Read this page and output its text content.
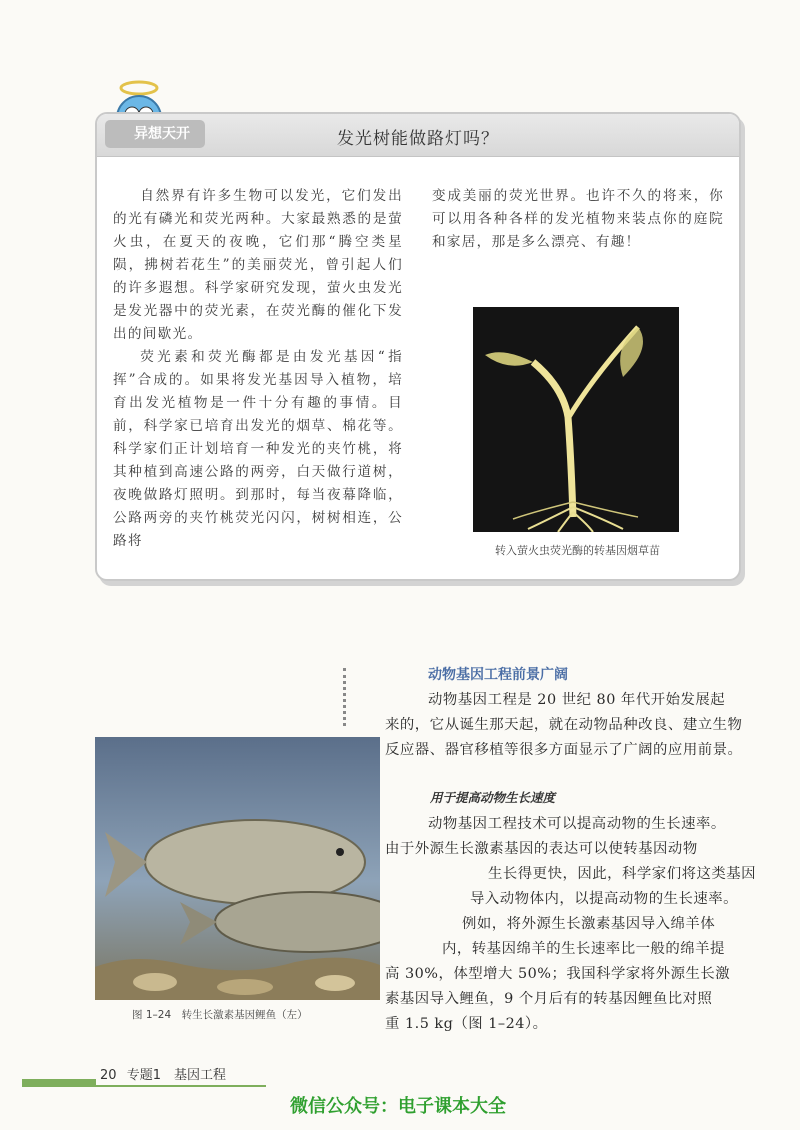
异想天开	发光树能做路灯吗？

自然界有许多生物可以发光，它们发出的光有磷光和荧光两种。大家最熟悉的是萤火虫，在夏天的夜晚，它们那“腾空类星陨，拂树若花生”的美丽荧光，曾引起人们的许多遐想。科学家研究发现，萤火虫发光是发光器中的荧光素，在荧光酶的催化下发出的间歇光。

荧光素和荧光酶都是由发光基因“指挥”合成的。如果将发光基因导入植物，培育出发光植物是一件十分有趣的事情。目前，科学家已培育出发光的烟草、棉花等。科学家们正计划培育一种发光的夹竹桃，将其种植到高速公路的两旁，白天做行道树，夜晚做路灯照明。到那时，每当夜幕降临，公路两旁的夹竹桃荧光闪闪，树树相连，公路将

变成美丽的荧光世界。也许不久的将来，你可以用各种各样的发光植物来装点你的庭院和家居，那是多么漂亮、有趣！

转入萤火虫荧光酶的转基因烟草苗
动物基因工程前景广阔
动物基因工程是 20 世纪 80 年代开始发展起
来的，它从诞生那天起，就在动物品种改良、建立生物反应器、器官移植等很多方面显示了广阔的应用前景。
用于提高动物生长速度
动物基因工程技术可以提高动物的生长速率。
由于外源生长激素基因的表达可以使转基因动物
生长得更快，因此，科学家们将这类基因
导入动物体内，以提高动物的生长速率。
例如，将外源生长激素基因导入绵羊体
内，转基因绵羊的生长速率比一般的绵羊提
高 30%，体型增大 50%；我国科学家将外源生长激
素基因导入鲤鱼，9 个月后有的转基因鲤鱼比对照
重 1.5 kg（图 1–24）。
图 1–24　转生长激素基因鲤鱼（左）
20 专题1　基因工程
微信公众号：电子课本大全
